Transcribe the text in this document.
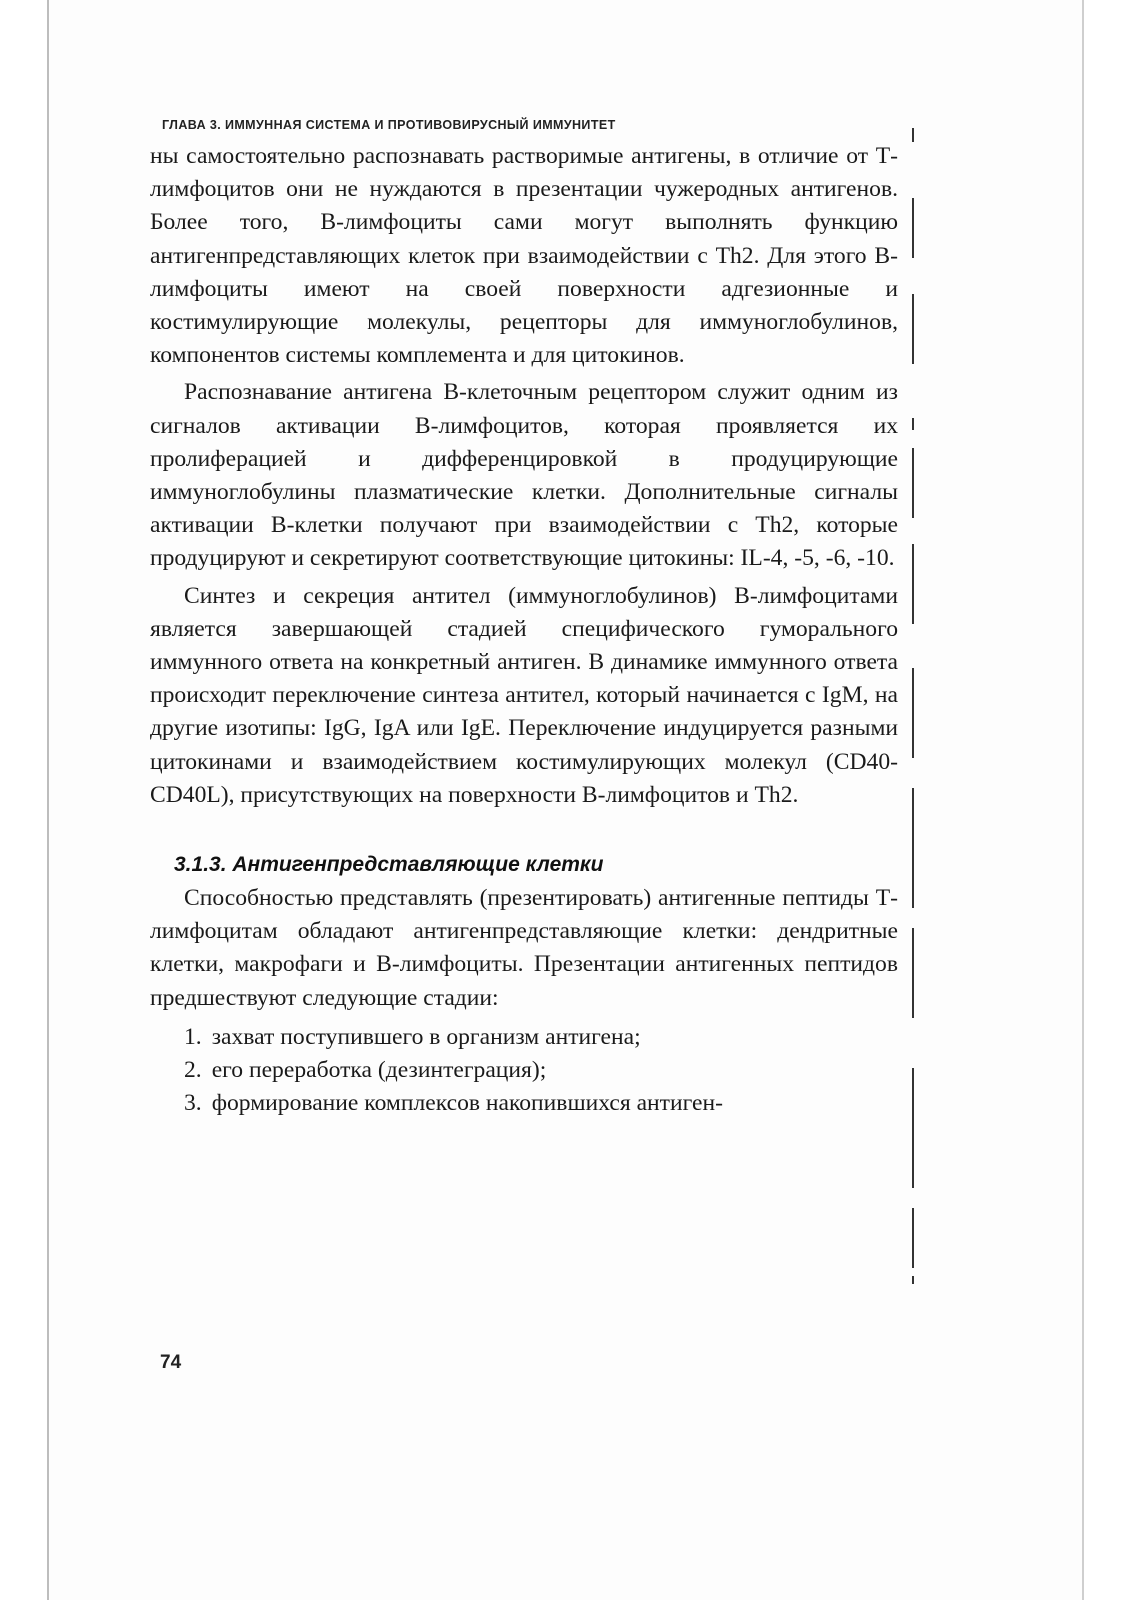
ГЛАВА 3. ИММУННАЯ СИСТЕМА И ПРОТИВОВИРУСНЫЙ ИММУНИТЕТ

ны самостоятельно распознавать растворимые антигены, в отличие от Т-лимфоцитов они не нуждаются в презентации чужеродных антигенов. Более того, В-лимфоциты сами могут выполнять функцию антигенпредставляющих клеток при взаимодействии с Th2. Для этого В-лимфоциты имеют на своей поверхности адгезионные и костимулирующие молекулы, рецепторы для иммуноглобулинов, компонентов системы комплемента и для цитокинов.

Распознавание антигена В-клеточным рецептором служит одним из сигналов активации В-лимфоцитов, которая проявляется их пролиферацией и дифференцировкой в продуцирующие иммуноглобулины плазматические клетки. Дополнительные сигналы активации В-клетки получают при взаимодействии с Th2, которые продуцируют и секретируют соответствующие цитокины: IL-4, -5, -6, -10.

Синтез и секреция антител (иммуноглобулинов) В-лимфоцитами является завершающей стадией специфического гуморального иммунного ответа на конкретный антиген. В динамике иммунного ответа происходит переключение синтеза антител, который начинается с IgM, на другие изотипы: IgG, IgA или IgE. Переключение индуцируется разными цитокинами и взаимодействием костимулирующих молекул (CD40-CD40L), присутствующих на поверхности В-лимфоцитов и Th2.

3.1.3. Антигенпредставляющие клетки

Способностью представлять (презентировать) антигенные пептиды Т-лимфоцитам обладают антигенпредставляющие клетки: дендритные клетки, макрофаги и В-лимфоциты. Презентации антигенных пептидов предшествуют следующие стадии:

1. захват поступившего в организм антигена;
2. его переработка (дезинтеграция);
3. формирование комплексов накопившихся антиген-
74
